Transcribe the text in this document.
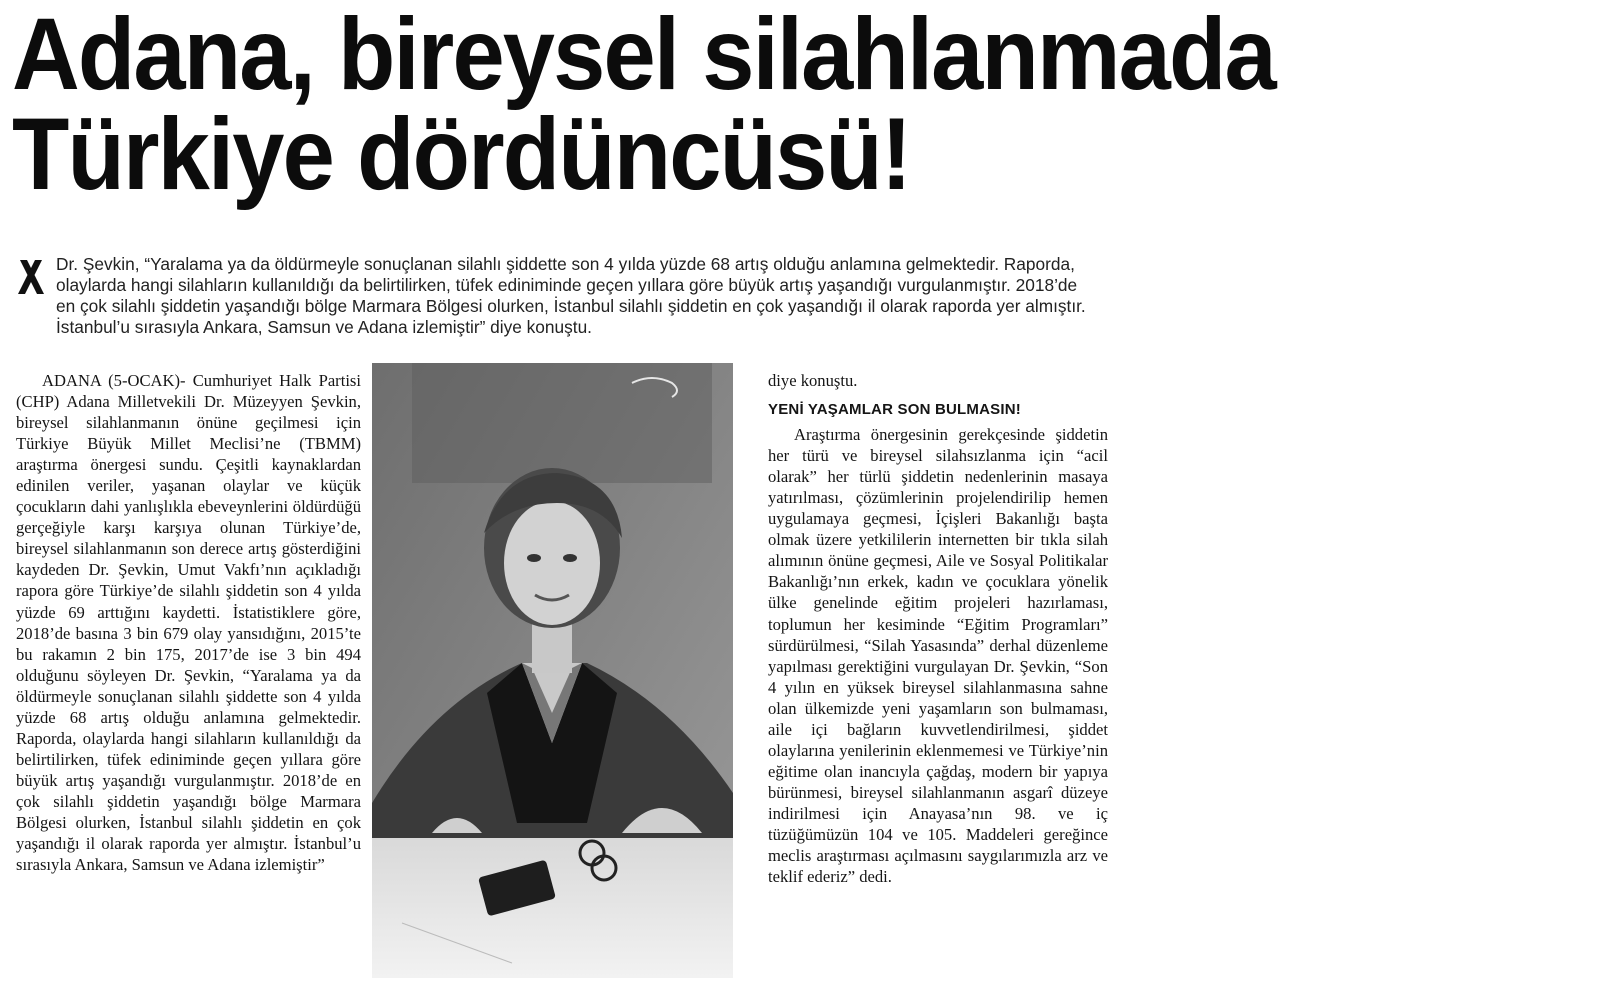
Adana, bireysel silahlanmada
Türkiye dördüncüsü!
Dr. Şevkin, “Yaralama ya da öldürmeyle sonuçlanan silahlı şiddette son 4 yılda yüzde 68 artış olduğu anlamına gelmektedir. Raporda, olaylarda hangi silahların kullanıldığı da belirtilirken, tüfek ediniminde geçen yıllara göre büyük artış yaşandığı vurgulanmıştır. 2018’de en çok silahlı şiddetin yaşandığı bölge Marmara Bölgesi olurken, İstanbul silahlı şiddetin en çok yaşandığı il olarak raporda yer almıştır. İstanbul’u sırasıyla Ankara, Samsun ve Adana izlemiştir” diye konuştu.

ADANA (5-OCAK)- Cumhuriyet Halk Partisi (CHP) Adana Milletvekili Dr. Müzeyyen Şevkin, bireysel silahlanmanın önüne geçilmesi için Türkiye Büyük Millet Meclisi’ne (TBMM) araştırma önergesi sundu. Çeşitli kaynaklardan edinilen veriler, yaşanan olaylar ve küçük çocukların dahi yanlışlıkla ebeveynlerini öldürdüğü gerçeğiyle karşı karşıya olunan Türkiye’de, bireysel silahlanmanın son derece artış gösterdiğini kaydeden Dr. Şevkin, Umut Vakfı’nın açıkladığı rapora göre Türkiye’de silahlı şiddetin son 4 yılda yüzde 69 arttığını kaydetti. İstatistiklere göre, 2018’de basına 3 bin 679 olay yansıdığını, 2015’te bu rakamın 2 bin 175, 2017’de ise 3 bin 494 olduğunu söyleyen Dr. Şevkin, “Yaralama ya da öldürmeyle sonuçlanan silahlı şiddette son 4 yılda yüzde 68 artış olduğu anlamına gelmektedir. Raporda, olaylarda hangi silahların kullanıldığı da belirtilirken, tüfek ediniminde geçen yıllara göre büyük artış yaşandığı vurgulanmıştır. 2018’de en çok silahlı şiddetin yaşandığı bölge Marmara Bölgesi olurken, İstanbul silahlı şiddetin en çok yaşandığı il olarak raporda yer almıştır. İstanbul’u sırasıyla Ankara, Samsun ve Adana izlemiştir”

diye konuştu.

YENİ YAŞAMLAR SON BULMASIN!

Araştırma önergesinin gerekçesinde şiddetin her türü ve bireysel silahsızlanma için “acil olarak” her türlü şiddetin nedenlerinin masaya yatırılması, çözümlerinin projelendirilip hemen uygulamaya geçmesi, İçişleri Bakanlığı başta olmak üzere yetkililerin internetten bir tıkla silah alımının önüne geçmesi, Aile ve Sosyal Politikalar Bakanlığı’nın erkek, kadın ve çocuklara yönelik ülke genelinde eğitim projeleri hazırlaması, toplumun her kesiminde “Eğitim Programları” sürdürülmesi, “Silah Yasasında” derhal düzenleme yapılması gerektiğini vurgulayan Dr. Şevkin, “Son 4 yılın en yüksek bireysel silahlanmasına sahne olan ülkemizde yeni yaşamların son bulmaması, aile içi bağların kuvvetlendirilmesi, şiddet olaylarına yenilerinin eklenmemesi ve Türkiye’nin eğitime olan inancıyla çağdaş, modern bir yapıya bürünmesi, bireysel silahlanmanın asgarî düzeye indirilmesi için Anayasa’nın 98. ve iç tüzüğümüzün 104 ve 105. Maddeleri gereğince meclis araştırması açılmasını saygılarımızla arz ve teklif ederiz” dedi.
